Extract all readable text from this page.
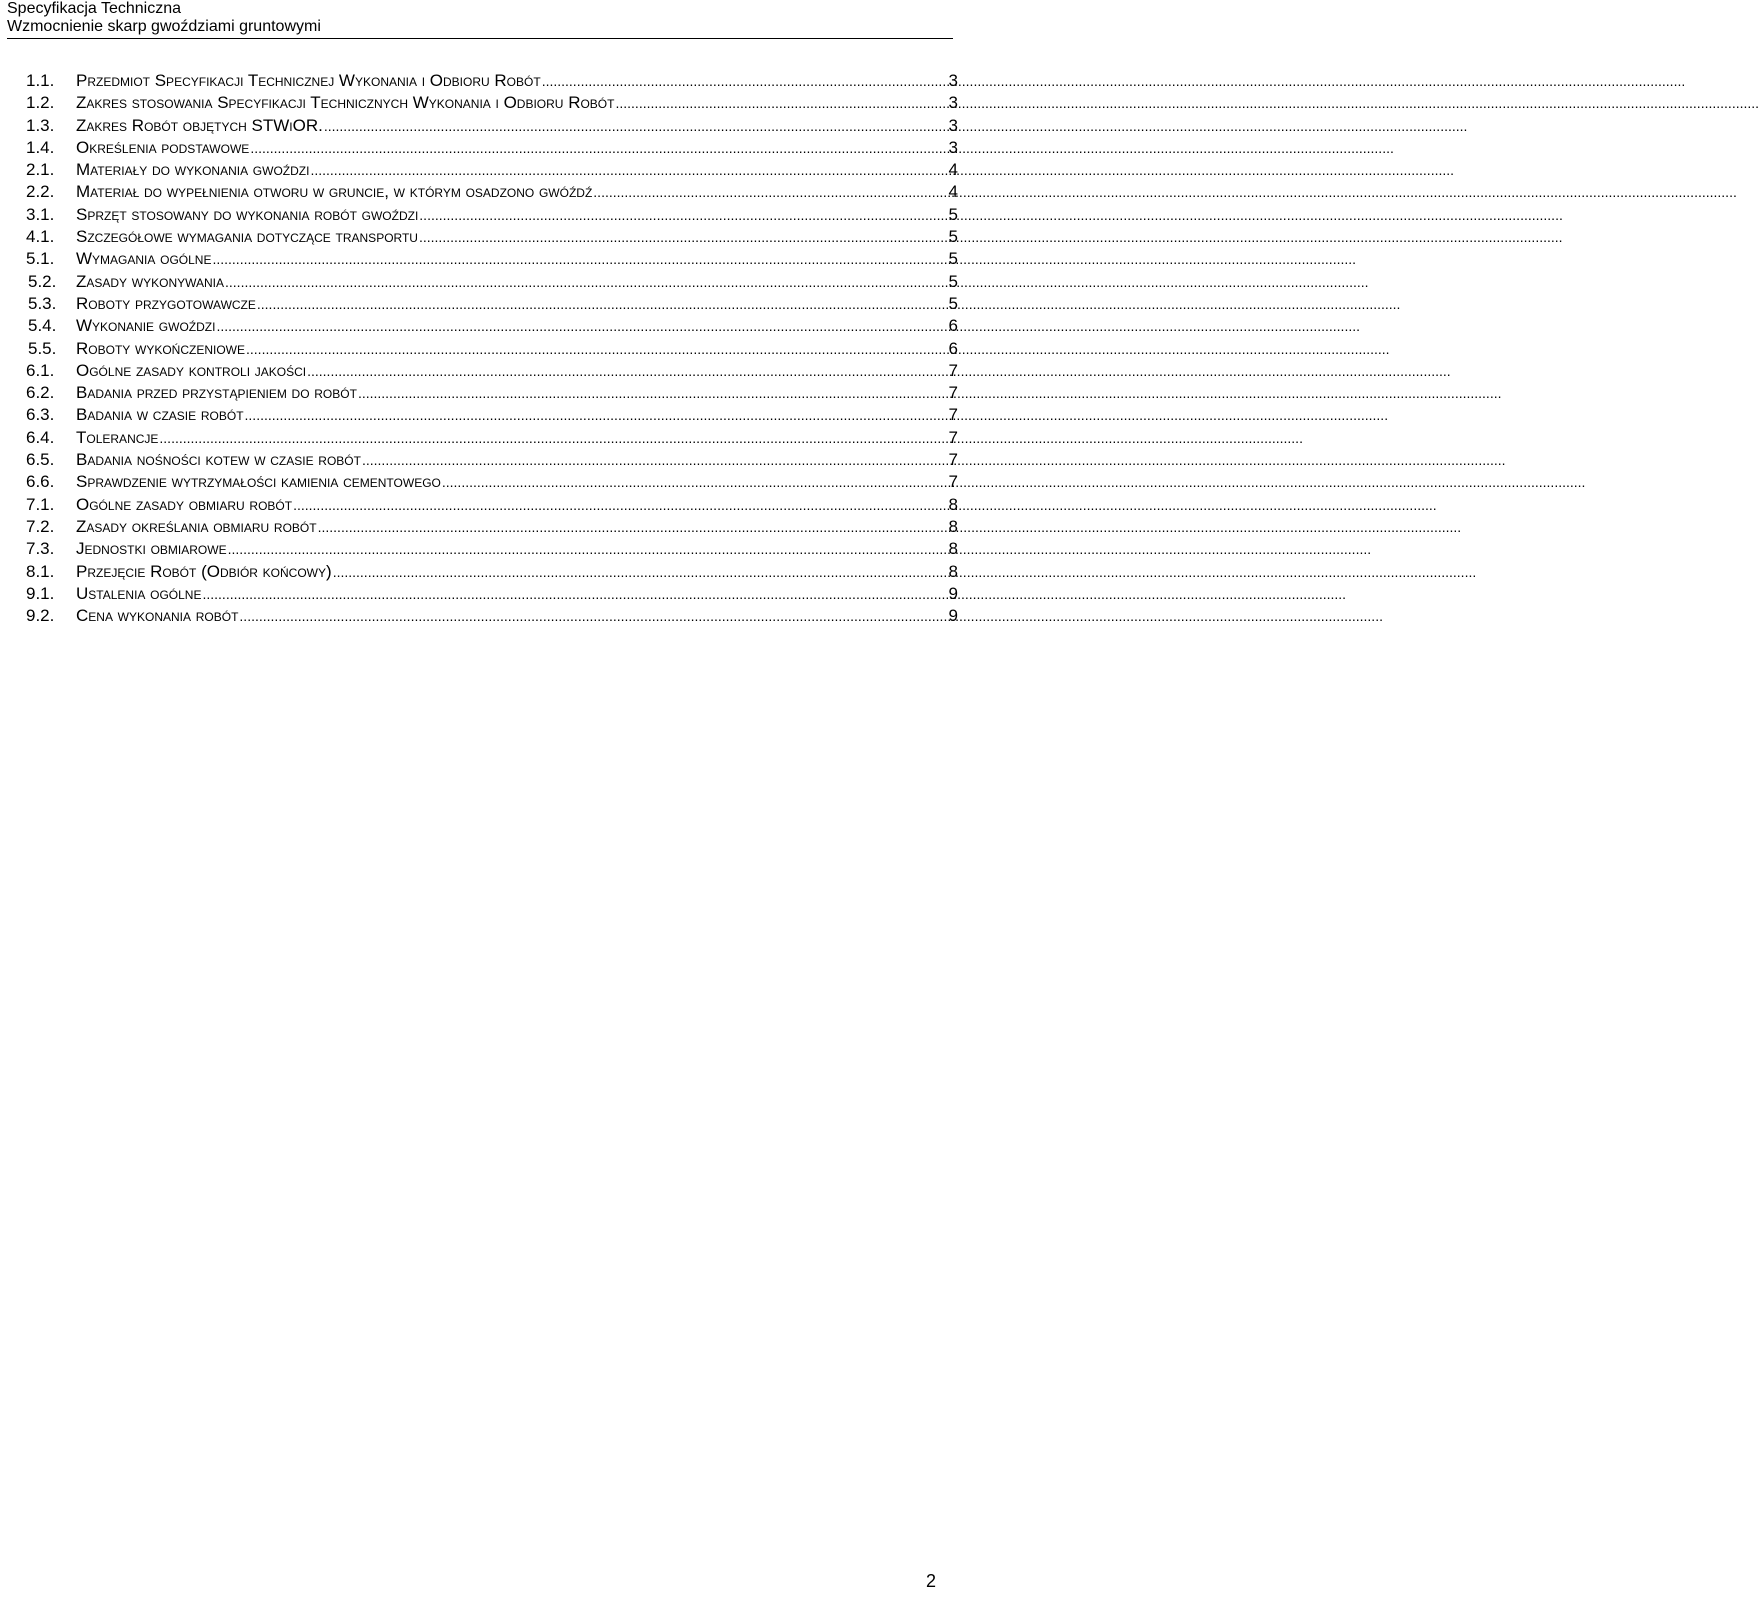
Specyfikacja Techniczna
Wzmocnienie skarp gwoździami gruntowymi
1.1.	Przedmiot Specyfikacji Technicznej Wykonania i Odbioru Robót .....	3
1.2.	Zakres stosowania Specyfikacji Technicznych Wykonania i Odbioru Robót .....	3
1.3.	Zakres Robót objętych STWiOR. .....	3
1.4.	Określenia podstawowe .....	3
2.1.	Materiały do wykonania gwoździ .....	4
2.2.	Materiał do wypełnienia otworu w gruncie, w którym osadzono gwóźdź .....	4
3.1.	Sprzęt stosowany do wykonania robót gwoździ .....	5
4.1.	Szczegółowe wymagania dotyczące transportu .....	5
5.1.	Wymagania ogólne .....	5
5.2.	Zasady wykonywania .....	5
5.3.	Roboty przygotowawcze .....	5
5.4.	Wykonanie gwoździ .....	6
5.5.	Roboty wykończeniowe .....	6
6.1.	Ogólne zasady kontroli jakości .....	7
6.2.	Badania przed przystąpieniem do robót .....	7
6.3.	Badania w czasie robót .....	7
6.4.	Tolerancje .....	7
6.5.	Badania nośności kotew w czasie robót .....	7
6.6.	Sprawdzenie wytrzymałości kamienia cementowego .....	7
7.1.	Ogólne zasady obmiaru robót .....	8
7.2.	Zasady określania obmiaru robót .....	8
7.3.	Jednostki obmiarowe .....	8
8.1.	Przejęcie Robót (Odbiór końcowy) .....	8
9.1.	Ustalenia ogólne .....	9
9.2.	Cena wykonania robót .....	9
2
